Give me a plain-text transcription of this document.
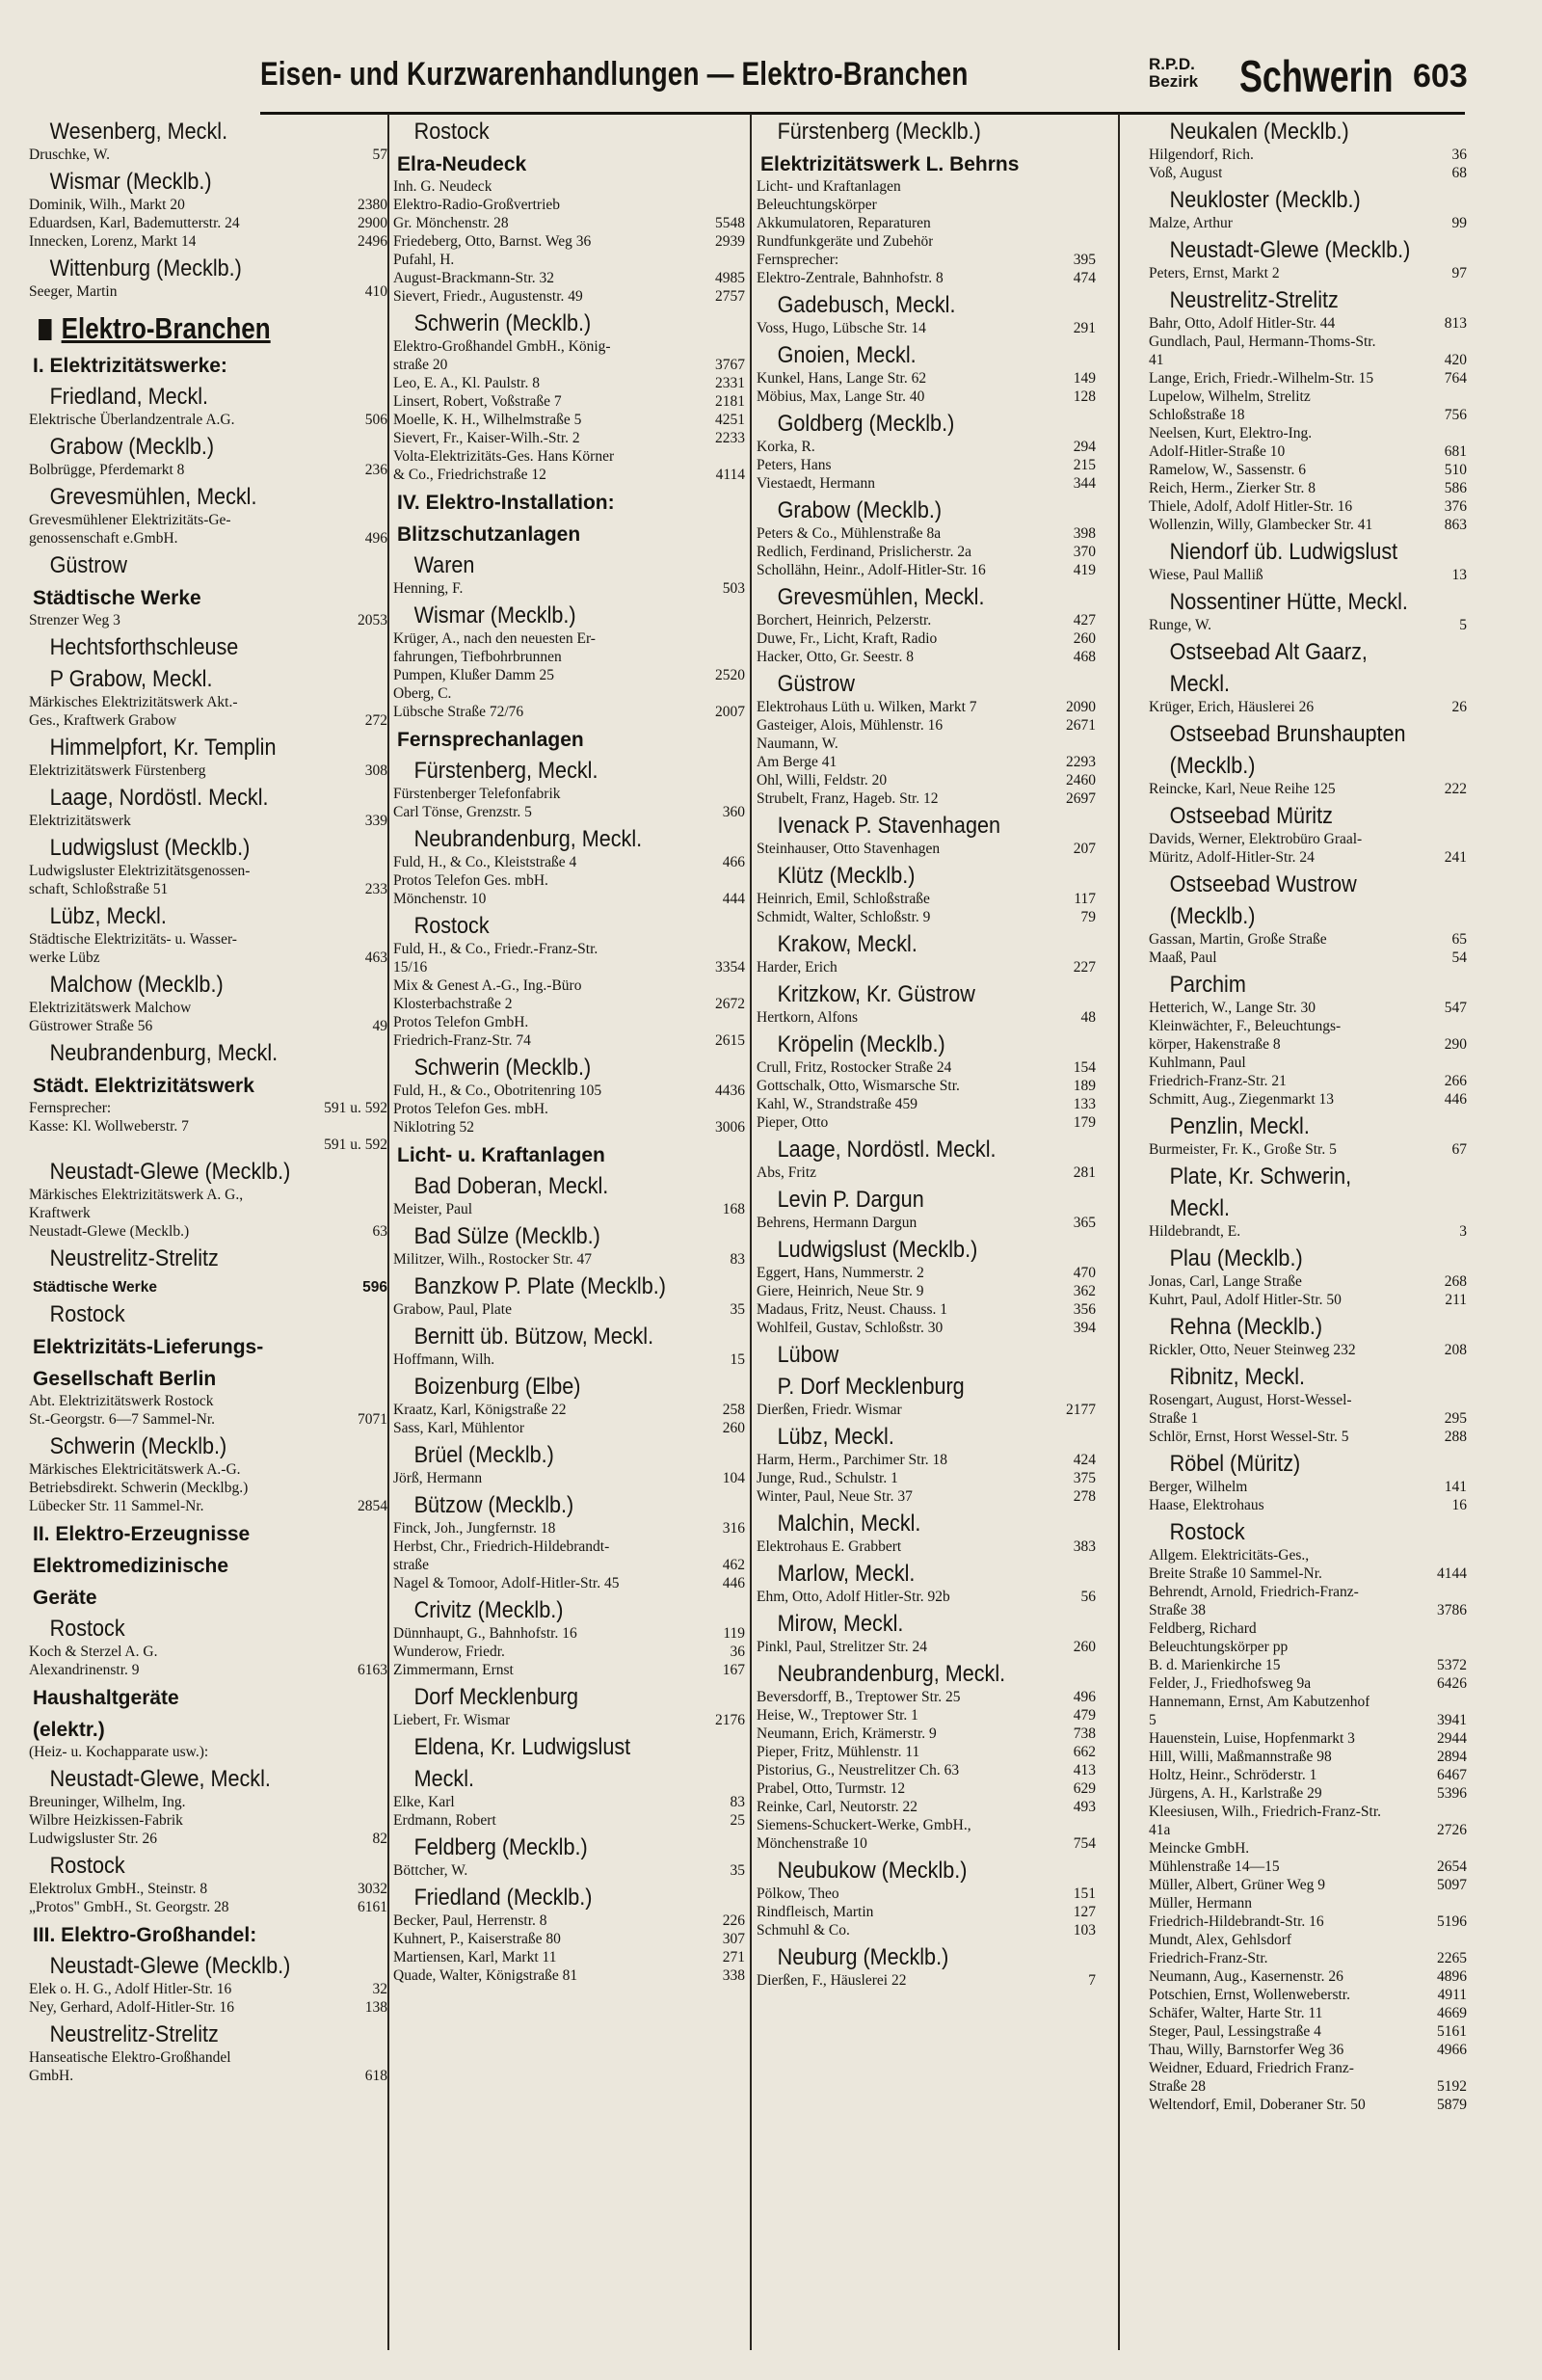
Eisen- und Kurzwarenhandlungen — Elektro-Branchen	R.P.D.
Bezirk Schwerin 603
Wesenberg, Meckl.
Druschke, W.	57
Wismar (Mecklb.)
Dominik, Wilh., Markt 20	2380
Eduardsen, Karl, Bademutterstr. 24	2900
Innecken, Lorenz, Markt 14	2496
Wittenburg (Mecklb.)
Seeger, Martin	410
Elektro-Branchen
I. Elektrizitätswerke:
Friedland, Meckl.
Elektrische Überlandzentrale A.G.	506
Grabow (Mecklb.)
Bolbrügge, Pferdemarkt 8	236
Grevesmühlen, Meckl.
Grevesmühlener Elektrizitäts-Ge-
genossenschaft e.GmbH.	496
Güstrow
Städtische Werke
Strenzer Weg 3	2053
Hechtsforthschleuse
P Grabow, Meckl.
Märkisches Elektrizitätswerk Akt.-
Ges., Kraftwerk Grabow	272
Himmelpfort, Kr. Templin
Elektrizitätswerk Fürstenberg	308
Laage, Nordöstl. Meckl.
Elektrizitätswerk	339
Ludwigslust (Mecklb.)
Ludwigsluster Elektrizitätsgenossen-
schaft, Schloßstraße 51	233
Lübz, Meckl.
Städtische Elektrizitäts- u. Wasser-
werke Lübz	463
Malchow (Mecklb.)
Elektrizitätswerk Malchow
Güstrower Straße 56	49
Neubrandenburg, Meckl.
Städt. Elektrizitätswerk
Fernsprecher:	591 u. 592
Kasse: Kl. Wollweberstr. 7
591 u. 592
Neustadt-Glewe (Mecklb.)
Märkisches Elektrizitätswerk A. G.,
Kraftwerk
Neustadt-Glewe (Mecklb.)	63
Neustrelitz-Strelitz
Städtische Werke	596
Rostock
Elektrizitäts-Lieferungs-
Gesellschaft Berlin
Abt. Elektrizitätswerk Rostock
St.-Georgstr. 6—7 Sammel-Nr.	7071
Schwerin (Mecklb.)
Märkisches Elektricitätswerk A.-G.
Betriebsdirekt. Schwerin (Mecklbg.)
Lübecker Str. 11 Sammel-Nr.	2854
II. Elektro-Erzeugnisse
Elektromedizinische
Geräte
Rostock
Koch & Sterzel A. G.
Alexandrinenstr. 9	6163
Haushaltgeräte
(elektr.)
(Heiz- u. Kochapparate usw.):
Neustadt-Glewe, Meckl.
Breuninger, Wilhelm, Ing.
Wilbre Heizkissen-Fabrik
Ludwigsluster Str. 26	82
Rostock
Elektrolux GmbH., Steinstr. 8	3032
„Protos" GmbH., St. Georgstr. 28	6161
III. Elektro-Großhandel:
Neustadt-Glewe (Mecklb.)
Elek o. H. G., Adolf Hitler-Str. 16	32
Ney, Gerhard, Adolf-Hitler-Str. 16	138
Neustrelitz-Strelitz
Hanseatische Elektro-Großhandel
GmbH.	618
Rostock
Elra-Neudeck
Inh. G. Neudeck
Elektro-Radio-Großvertrieb
Gr. Mönchenstr. 28	5548
Friedeberg, Otto, Barnst. Weg 36	2939
Pufahl, H.
August-Brackmann-Str. 32	4985
Sievert, Friedr., Augustenstr. 49	2757
Schwerin (Mecklb.)
Elektro-Großhandel GmbH., König-
straße 20	3767
Leo, E. A., Kl. Paulstr. 8	2331
Linsert, Robert, Voßstraße 7	2181
Moelle, K. H., Wilhelmstraße 5	4251
Sievert, Fr., Kaiser-Wilh.-Str. 2	2233
Volta-Elektrizitäts-Ges. Hans Körner
& Co., Friedrichstraße 12	4114
IV. Elektro-Installation:
Blitzschutzanlagen
Waren
Henning, F.	503
Wismar (Mecklb.)
Krüger, A., nach den neuesten Er-
fahrungen, Tiefbohrbrunnen
Pumpen, Klußer Damm 25	2520
Oberg, C.
Lübsche Straße 72/76	2007
Fernsprechanlagen
Fürstenberg, Meckl.
Fürstenberger Telefonfabrik
Carl Tönse, Grenzstr. 5	360
Neubrandenburg, Meckl.
Fuld, H., & Co., Kleiststraße 4	466
Protos Telefon Ges. mbH.
Mönchenstr. 10	444
Rostock
Fuld, H., & Co., Friedr.-Franz-Str.
15/16	3354
Mix & Genest A.-G., Ing.-Büro
Klosterbachstraße 2	2672
Protos Telefon GmbH.
Friedrich-Franz-Str. 74	2615
Schwerin (Mecklb.)
Fuld, H., & Co., Obotritenring 105	4436
Protos Telefon Ges. mbH.
Niklotring 52	3006
Licht- u. Kraftanlagen
Bad Doberan, Meckl.
Meister, Paul	168
Bad Sülze (Mecklb.)
Militzer, Wilh., Rostocker Str. 47	83
Banzkow P. Plate (Mecklb.)
Grabow, Paul, Plate	35
Bernitt üb. Bützow, Meckl.
Hoffmann, Wilh.	15
Boizenburg (Elbe)
Kraatz, Karl, Königstraße 22	258
Sass, Karl, Mühlentor	260
Brüel (Mecklb.)
Jörß, Hermann	104
Bützow (Mecklb.)
Finck, Joh., Jungfernstr. 18	316
Herbst, Chr., Friedrich-Hildebrandt-
straße	462
Nagel & Tomoor, Adolf-Hitler-Str. 45	446
Crivitz (Mecklb.)
Dünnhaupt, G., Bahnhofstr. 16	119
Wunderow, Friedr.	36
Zimmermann, Ernst	167
Dorf Mecklenburg
Liebert, Fr. Wismar	2176
Eldena, Kr. Ludwigslust
Meckl.
Elke, Karl	83
Erdmann, Robert	25
Feldberg (Mecklb.)
Böttcher, W.	35
Friedland (Mecklb.)
Becker, Paul, Herrenstr. 8	226
Kuhnert, P., Kaiserstraße 80	307
Martiensen, Karl, Markt 11	271
Quade, Walter, Königstraße 81	338
Fürstenberg (Mecklb.)
Elektrizitätswerk L. Behrns
Licht- und Kraftanlagen
Beleuchtungskörper
Akkumulatoren, Reparaturen
Rundfunkgeräte und Zubehör
Fernsprecher:	395
Elektro-Zentrale, Bahnhofstr. 8	474
Gadebusch, Meckl.
Voss, Hugo, Lübsche Str. 14	291
Gnoien, Meckl.
Kunkel, Hans, Lange Str. 62	149
Möbius, Max, Lange Str. 40	128
Goldberg (Mecklb.)
Korka, R.	294
Peters, Hans	215
Viestaedt, Hermann	344
Grabow (Mecklb.)
Peters & Co., Mühlenstraße 8a	398
Redlich, Ferdinand, Prislicherstr. 2a	370
Schollähn, Heinr., Adolf-Hitler-Str. 16	419
Grevesmühlen, Meckl.
Borchert, Heinrich, Pelzerstr.	427
Duwe, Fr., Licht, Kraft, Radio	260
Hacker, Otto, Gr. Seestr. 8	468
Güstrow
Elektrohaus Lüth u. Wilken, Markt 7	2090
Gasteiger, Alois, Mühlenstr. 16	2671
Naumann, W.
Am Berge 41	2293
Ohl, Willi, Feldstr. 20	2460
Strubelt, Franz, Hageb. Str. 12	2697
Ivenack P. Stavenhagen
Steinhauser, Otto Stavenhagen	207
Klütz (Mecklb.)
Heinrich, Emil, Schloßstraße	117
Schmidt, Walter, Schloßstr. 9	79
Krakow, Meckl.
Harder, Erich	227
Kritzkow, Kr. Güstrow
Hertkorn, Alfons	48
Kröpelin (Mecklb.)
Crull, Fritz, Rostocker Straße 24	154
Gottschalk, Otto, Wismarsche Str.	189
Kahl, W., Strandstraße 459	133
Pieper, Otto	179
Laage, Nordöstl. Meckl.
Abs, Fritz	281
Levin P. Dargun
Behrens, Hermann Dargun	365
Ludwigslust (Mecklb.)
Eggert, Hans, Nummerstr. 2	470
Giere, Heinrich, Neue Str. 9	362
Madaus, Fritz, Neust. Chauss. 1	356
Wohlfeil, Gustav, Schloßstr. 30	394
Lübow
P. Dorf Mecklenburg
Dierßen, Friedr. Wismar	2177
Lübz, Meckl.
Harm, Herm., Parchimer Str. 18	424
Junge, Rud., Schulstr. 1	375
Winter, Paul, Neue Str. 37	278
Malchin, Meckl.
Elektrohaus E. Grabbert	383
Marlow, Meckl.
Ehm, Otto, Adolf Hitler-Str. 92b	56
Mirow, Meckl.
Pinkl, Paul, Strelitzer Str. 24	260
Neubrandenburg, Meckl.
Beversdorff, B., Treptower Str. 25	496
Heise, W., Treptower Str. 1	479
Neumann, Erich, Krämerstr. 9	738
Pieper, Fritz, Mühlenstr. 11	662
Pistorius, G., Neustrelitzer Ch. 63	413
Prabel, Otto, Turmstr. 12	629
Reinke, Carl, Neutorstr. 22	493
Siemens-Schuckert-Werke, GmbH.,
Mönchenstraße 10	754
Neubukow (Mecklb.)
Pölkow, Theo	151
Rindfleisch, Martin	127
Schmuhl & Co.	103
Neuburg (Mecklb.)
Dierßen, F., Häuslerei 22	7
Neukalen (Mecklb.)
Hilgendorf, Rich.	36
Voß, August	68
Neukloster (Mecklb.)
Malze, Arthur	99
Neustadt-Glewe (Mecklb.)
Peters, Ernst, Markt 2	97
Neustrelitz-Strelitz
Bahr, Otto, Adolf Hitler-Str. 44	813
Gundlach, Paul, Hermann-Thoms-Str.
41	420
Lange, Erich, Friedr.-Wilhelm-Str. 15	764
Lupelow, Wilhelm, Strelitz
Schloßstraße 18	756
Neelsen, Kurt, Elektro-Ing.
Adolf-Hitler-Straße 10	681
Ramelow, W., Sassenstr. 6	510
Reich, Herm., Zierker Str. 8	586
Thiele, Adolf, Adolf Hitler-Str. 16	376
Wollenzin, Willy, Glambecker Str. 41	863
Niendorf üb. Ludwigslust
Wiese, Paul Malliß	13
Nossentiner Hütte, Meckl.
Runge, W.	5
Ostseebad Alt Gaarz,
Meckl.
Krüger, Erich, Häuslerei 26	26
Ostseebad Brunshaupten
(Mecklb.)
Reincke, Karl, Neue Reihe 125	222
Ostseebad Müritz
Davids, Werner, Elektrobüro Graal-
Müritz, Adolf-Hitler-Str. 24	241
Ostseebad Wustrow
(Mecklb.)
Gassan, Martin, Große Straße	65
Maaß, Paul	54
Parchim
Hetterich, W., Lange Str. 30	547
Kleinwächter, F., Beleuchtungs-
körper, Hakenstraße 8	290
Kuhlmann, Paul
Friedrich-Franz-Str. 21	266
Schmitt, Aug., Ziegenmarkt 13	446
Penzlin, Meckl.
Burmeister, Fr. K., Große Str. 5	67
Plate, Kr. Schwerin,
Meckl.
Hildebrandt, E.	3
Plau (Mecklb.)
Jonas, Carl, Lange Straße	268
Kuhrt, Paul, Adolf Hitler-Str. 50	211
Rehna (Mecklb.)
Rickler, Otto, Neuer Steinweg 232	208
Ribnitz, Meckl.
Rosengart, August, Horst-Wessel-
Straße 1	295
Schlör, Ernst, Horst Wessel-Str. 5	288
Röbel (Müritz)
Berger, Wilhelm	141
Haase, Elektrohaus	16
Rostock
Allgem. Elektricitäts-Ges.,
Breite Straße 10 Sammel-Nr.	4144
Behrendt, Arnold, Friedrich-Franz-
Straße 38	3786
Feldberg, Richard
Beleuchtungskörper pp
B. d. Marienkirche 15	5372
Felder, J., Friedhofsweg 9a	6426
Hannemann, Ernst, Am Kabutzenhof
5	3941
Hauenstein, Luise, Hopfenmarkt 3	2944
Hill, Willi, Maßmannstraße 98	2894
Holtz, Heinr., Schröderstr. 1	6467
Jürgens, A. H., Karlstraße 29	5396
Kleesiusen, Wilh., Friedrich-Franz-Str.
41a	2726
Meincke GmbH.
Mühlenstraße 14—15	2654
Müller, Albert, Grüner Weg 9	5097
Müller, Hermann
Friedrich-Hildebrandt-Str. 16	5196
Mundt, Alex, Gehlsdorf
Friedrich-Franz-Str.	2265
Neumann, Aug., Kasernenstr. 26	4896
Potschien, Ernst, Wollenweberstr.	4911
Schäfer, Walter, Harte Str. 11	4669
Steger, Paul, Lessingstraße 4	5161
Thau, Willy, Barnstorfer Weg 36	4966
Weidner, Eduard, Friedrich Franz-
Straße 28	5192
Weltendorf, Emil, Doberaner Str. 50	5879
